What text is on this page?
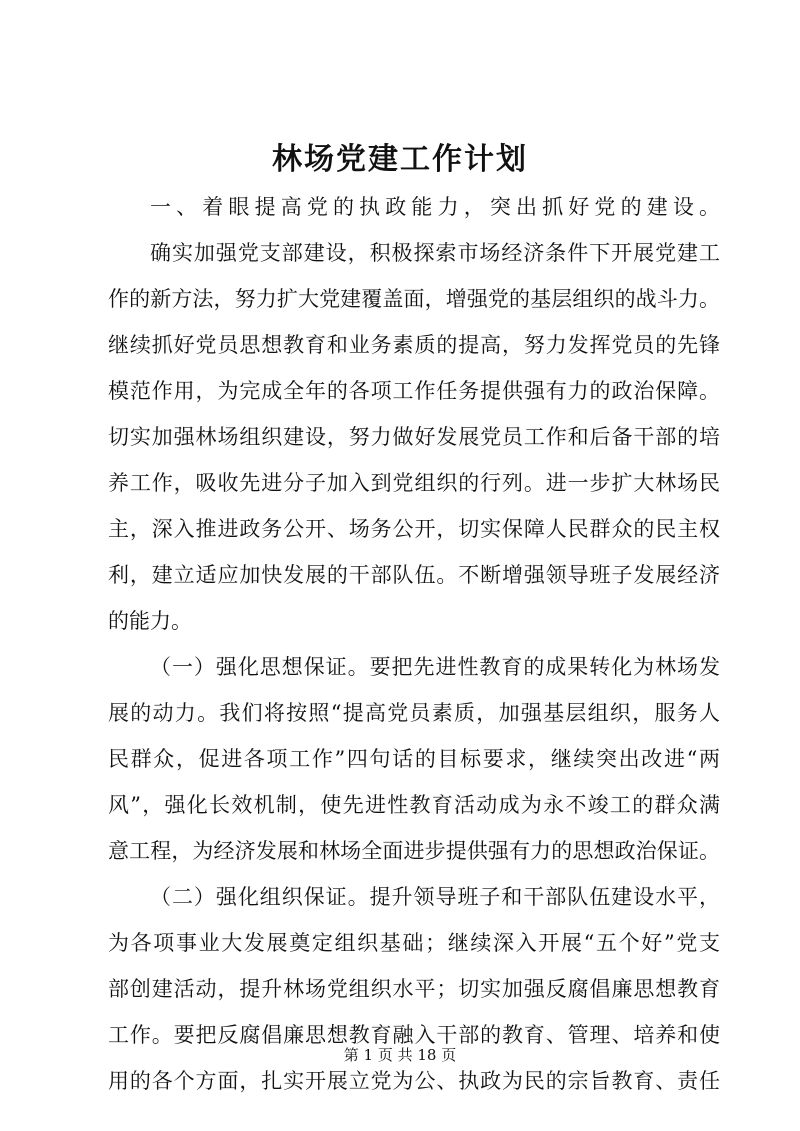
林场党建工作计划
一、着眼提高党的执政能力，突出抓好党的建设。
确实加强党支部建设，积极探索市场经济条件下开展党建工
作的新方法，努力扩大党建覆盖面，增强党的基层组织的战斗力。
继续抓好党员思想教育和业务素质的提高，努力发挥党员的先锋
模范作用，为完成全年的各项工作任务提供强有力的政治保障。
切实加强林场组织建设，努力做好发展党员工作和后备干部的培
养工作，吸收先进分子加入到党组织的行列。进一步扩大林场民
主，深入推进政务公开、场务公开，切实保障人民群众的民主权
利，建立适应加快发展的干部队伍。不断增强领导班子发展经济
的能力。
（一）强化思想保证。要把先进性教育的成果转化为林场发
展的动力。我们将按照“提高党员素质，加强基层组织，服务人
民群众，促进各项工作”四句话的目标要求，继续突出改进“两
风”，强化长效机制，使先进性教育活动成为永不竣工的群众满
意工程，为经济发展和林场全面进步提供强有力的思想政治保证。
（二）强化组织保证。提升领导班子和干部队伍建设水平，
为各项事业大发展奠定组织基础；继续深入开展“五个好”党支
部创建活动，提升林场党组织水平；切实加强反腐倡廉思想教育
工作。要把反腐倡廉思想教育融入干部的教育、管理、培养和使
用的各个方面，扎实开展立党为公、执政为民的宗旨教育、责任
第 1 页 共 18 页
